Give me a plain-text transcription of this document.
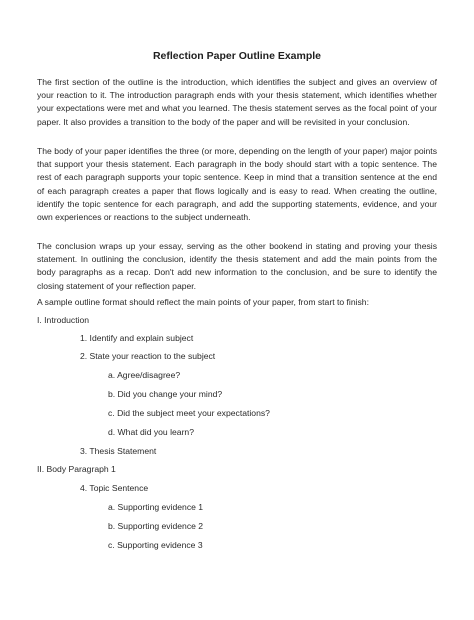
Reflection Paper Outline Example
The first section of the outline is the introduction, which identifies the subject and gives an overview of your reaction to it. The introduction paragraph ends with your thesis statement, which identifies whether your expectations were met and what you learned. The thesis statement serves as the focal point of your paper. It also provides a transition to the body of the paper and will be revisited in your conclusion.
The body of your paper identifies the three (or more, depending on the length of your paper) major points that support your thesis statement. Each paragraph in the body should start with a topic sentence. The rest of each paragraph supports your topic sentence. Keep in mind that a transition sentence at the end of each paragraph creates a paper that flows logically and is easy to read. When creating the outline, identify the topic sentence for each paragraph, and add the supporting statements, evidence, and your own experiences or reactions to the subject underneath.
The conclusion wraps up your essay, serving as the other bookend in stating and proving your thesis statement. In outlining the conclusion, identify the thesis statement and add the main points from the body paragraphs as a recap. Don't add new information to the conclusion, and be sure to identify the closing statement of your reflection paper.
A sample outline format should reflect the main points of your paper, from start to finish:
I. Introduction
1. Identify and explain subject
2. State your reaction to the subject
a. Agree/disagree?
b. Did you change your mind?
c. Did the subject meet your expectations?
d. What did you learn?
3. Thesis Statement
II. Body Paragraph 1
4. Topic Sentence
a. Supporting evidence 1
b. Supporting evidence 2
c. Supporting evidence 3
